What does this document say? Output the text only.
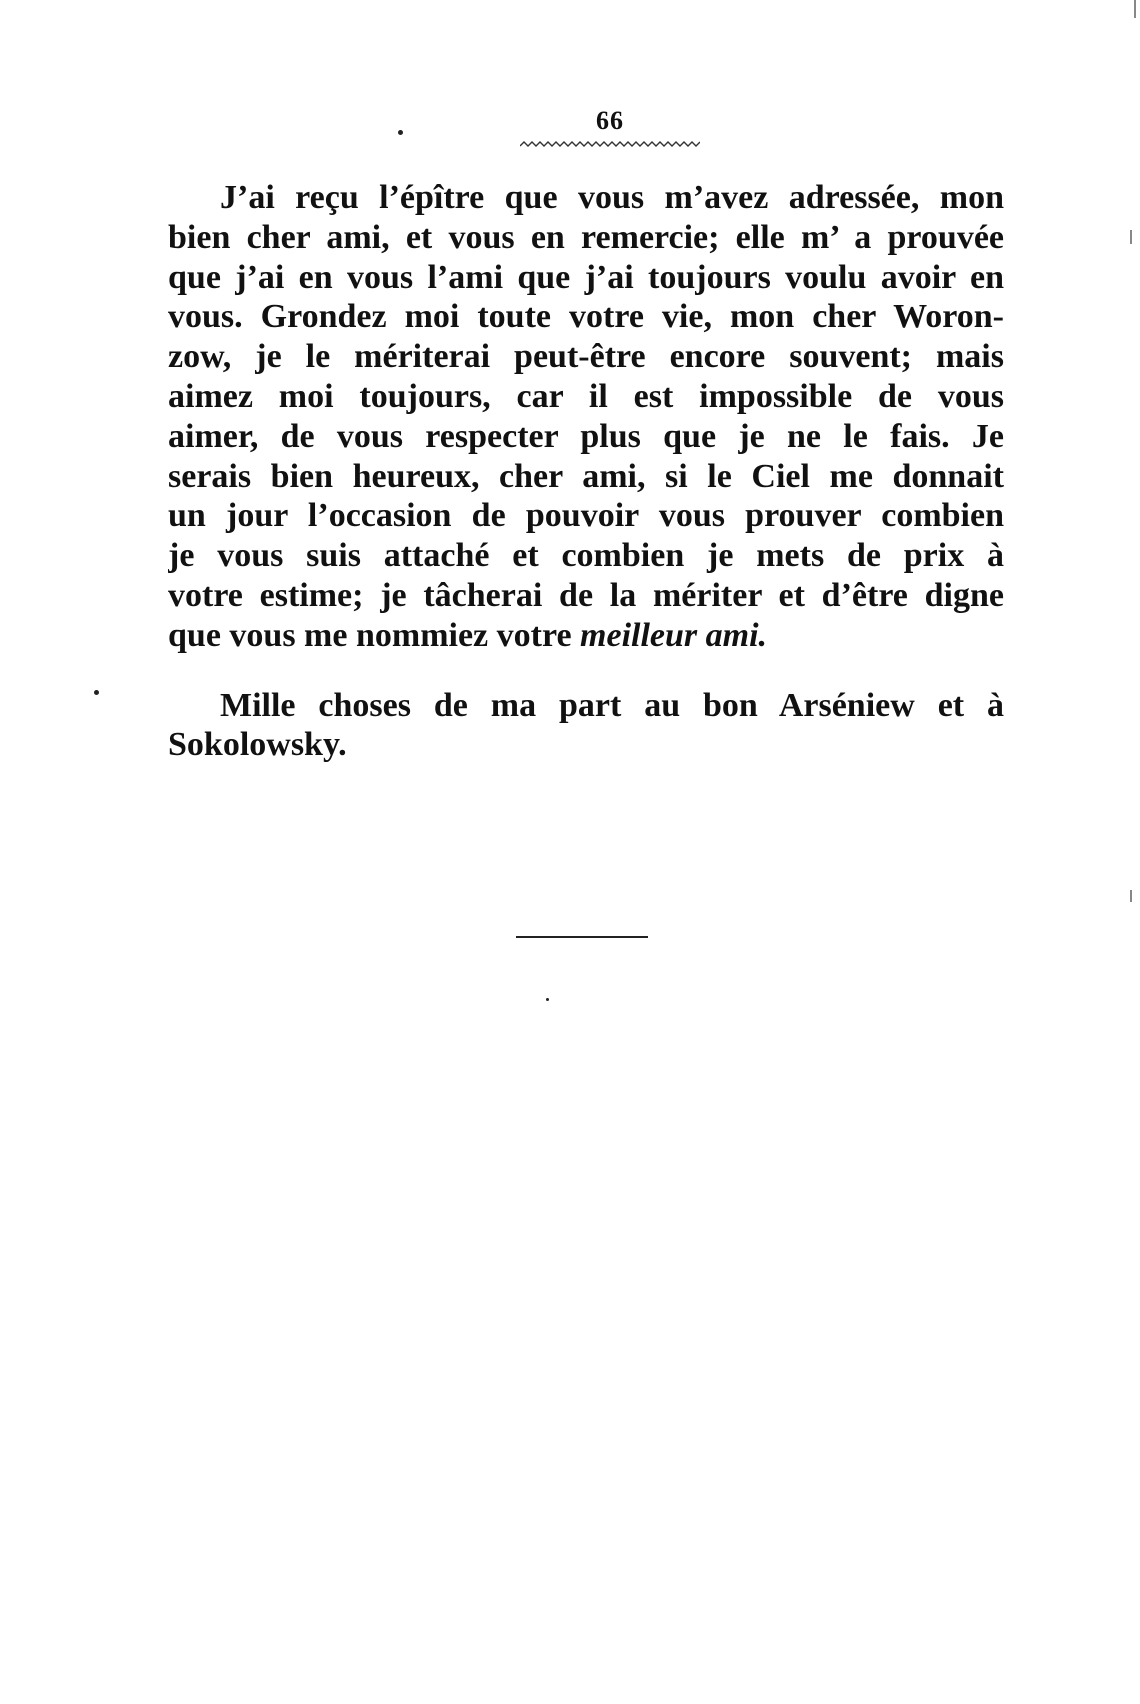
66
J’ai reçu l’épître que vous m’avez adressée, mon
bien cher ami, et vous en remercie; elle m’ a prouvée
que j’ai en vous l’ami que j’ai toujours voulu avoir en
vous. Grondez moi toute votre vie, mon cher Woron-
zow, je le mériterai peut-être encore souvent; mais
aimez moi toujours, car il est impossible de vous
aimer, de vous respecter plus que je ne le fais. Je
serais bien heureux, cher ami, si le Ciel me donnait
un jour l’occasion de pouvoir vous prouver combien
je vous suis attaché et combien je mets de prix à
votre estime; je tâcherai de la mériter et d’être digne
que vous me nommiez votre meilleur ami.
Mille choses de ma part au bon Arséniew et à
Sokolowsky.
